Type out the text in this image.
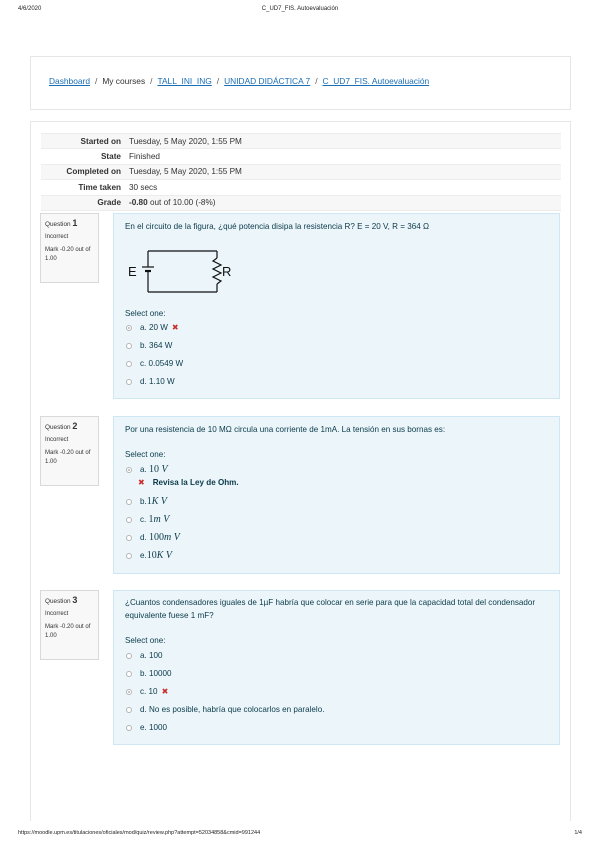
4/6/2020	C_UD7_FIS. Autoevaluación
Dashboard / My courses / TALL_INI_ING / UNIDAD DIDÁCTICA 7 / C_UD7_FIS. Autoevaluación
Started on	Tuesday, 5 May 2020, 1:55 PM
State	Finished
Completed on	Tuesday, 5 May 2020, 1:55 PM
Time taken	30 secs
Grade	-0.80 out of 10.00 (-8%)
Question 1
Incorrect
Mark -0.20 out of 1.00
En el circuito de la figura, ¿qué potencia disipa la resistencia R? E = 20 V, R = 364 Ω
E	R
Select one:
a. 20 W ✖
b. 364 W
c. 0.0549 W
d. 1.10 W
Question 2
Incorrect
Mark -0.20 out of 1.00
Por una resistencia de 10 MΩ circula una corriente de 1mA. La tensión en sus bornas es:
Select one:
a.
10 V
✖ Revisa la Ley de Ohm.
b. 1K V
c.
1m V
d.
100m V
e. 10K V
Question 3
Incorrect
Mark -0.20 out of 1.00
¿Cuantos condensadores iguales de 1µF habría que colocar en serie para que la capacidad total del condensador equivalente fuese 1 mF?
Select one:
a. 100
b. 10000
c. 10 ✖
d. No es posible, habría que colocarlos en paralelo.
e. 1000
https://moodle.upm.es/titulaciones/oficiales/mod/quiz/review.php?attempt=52034858&cmid=991244	1/4
